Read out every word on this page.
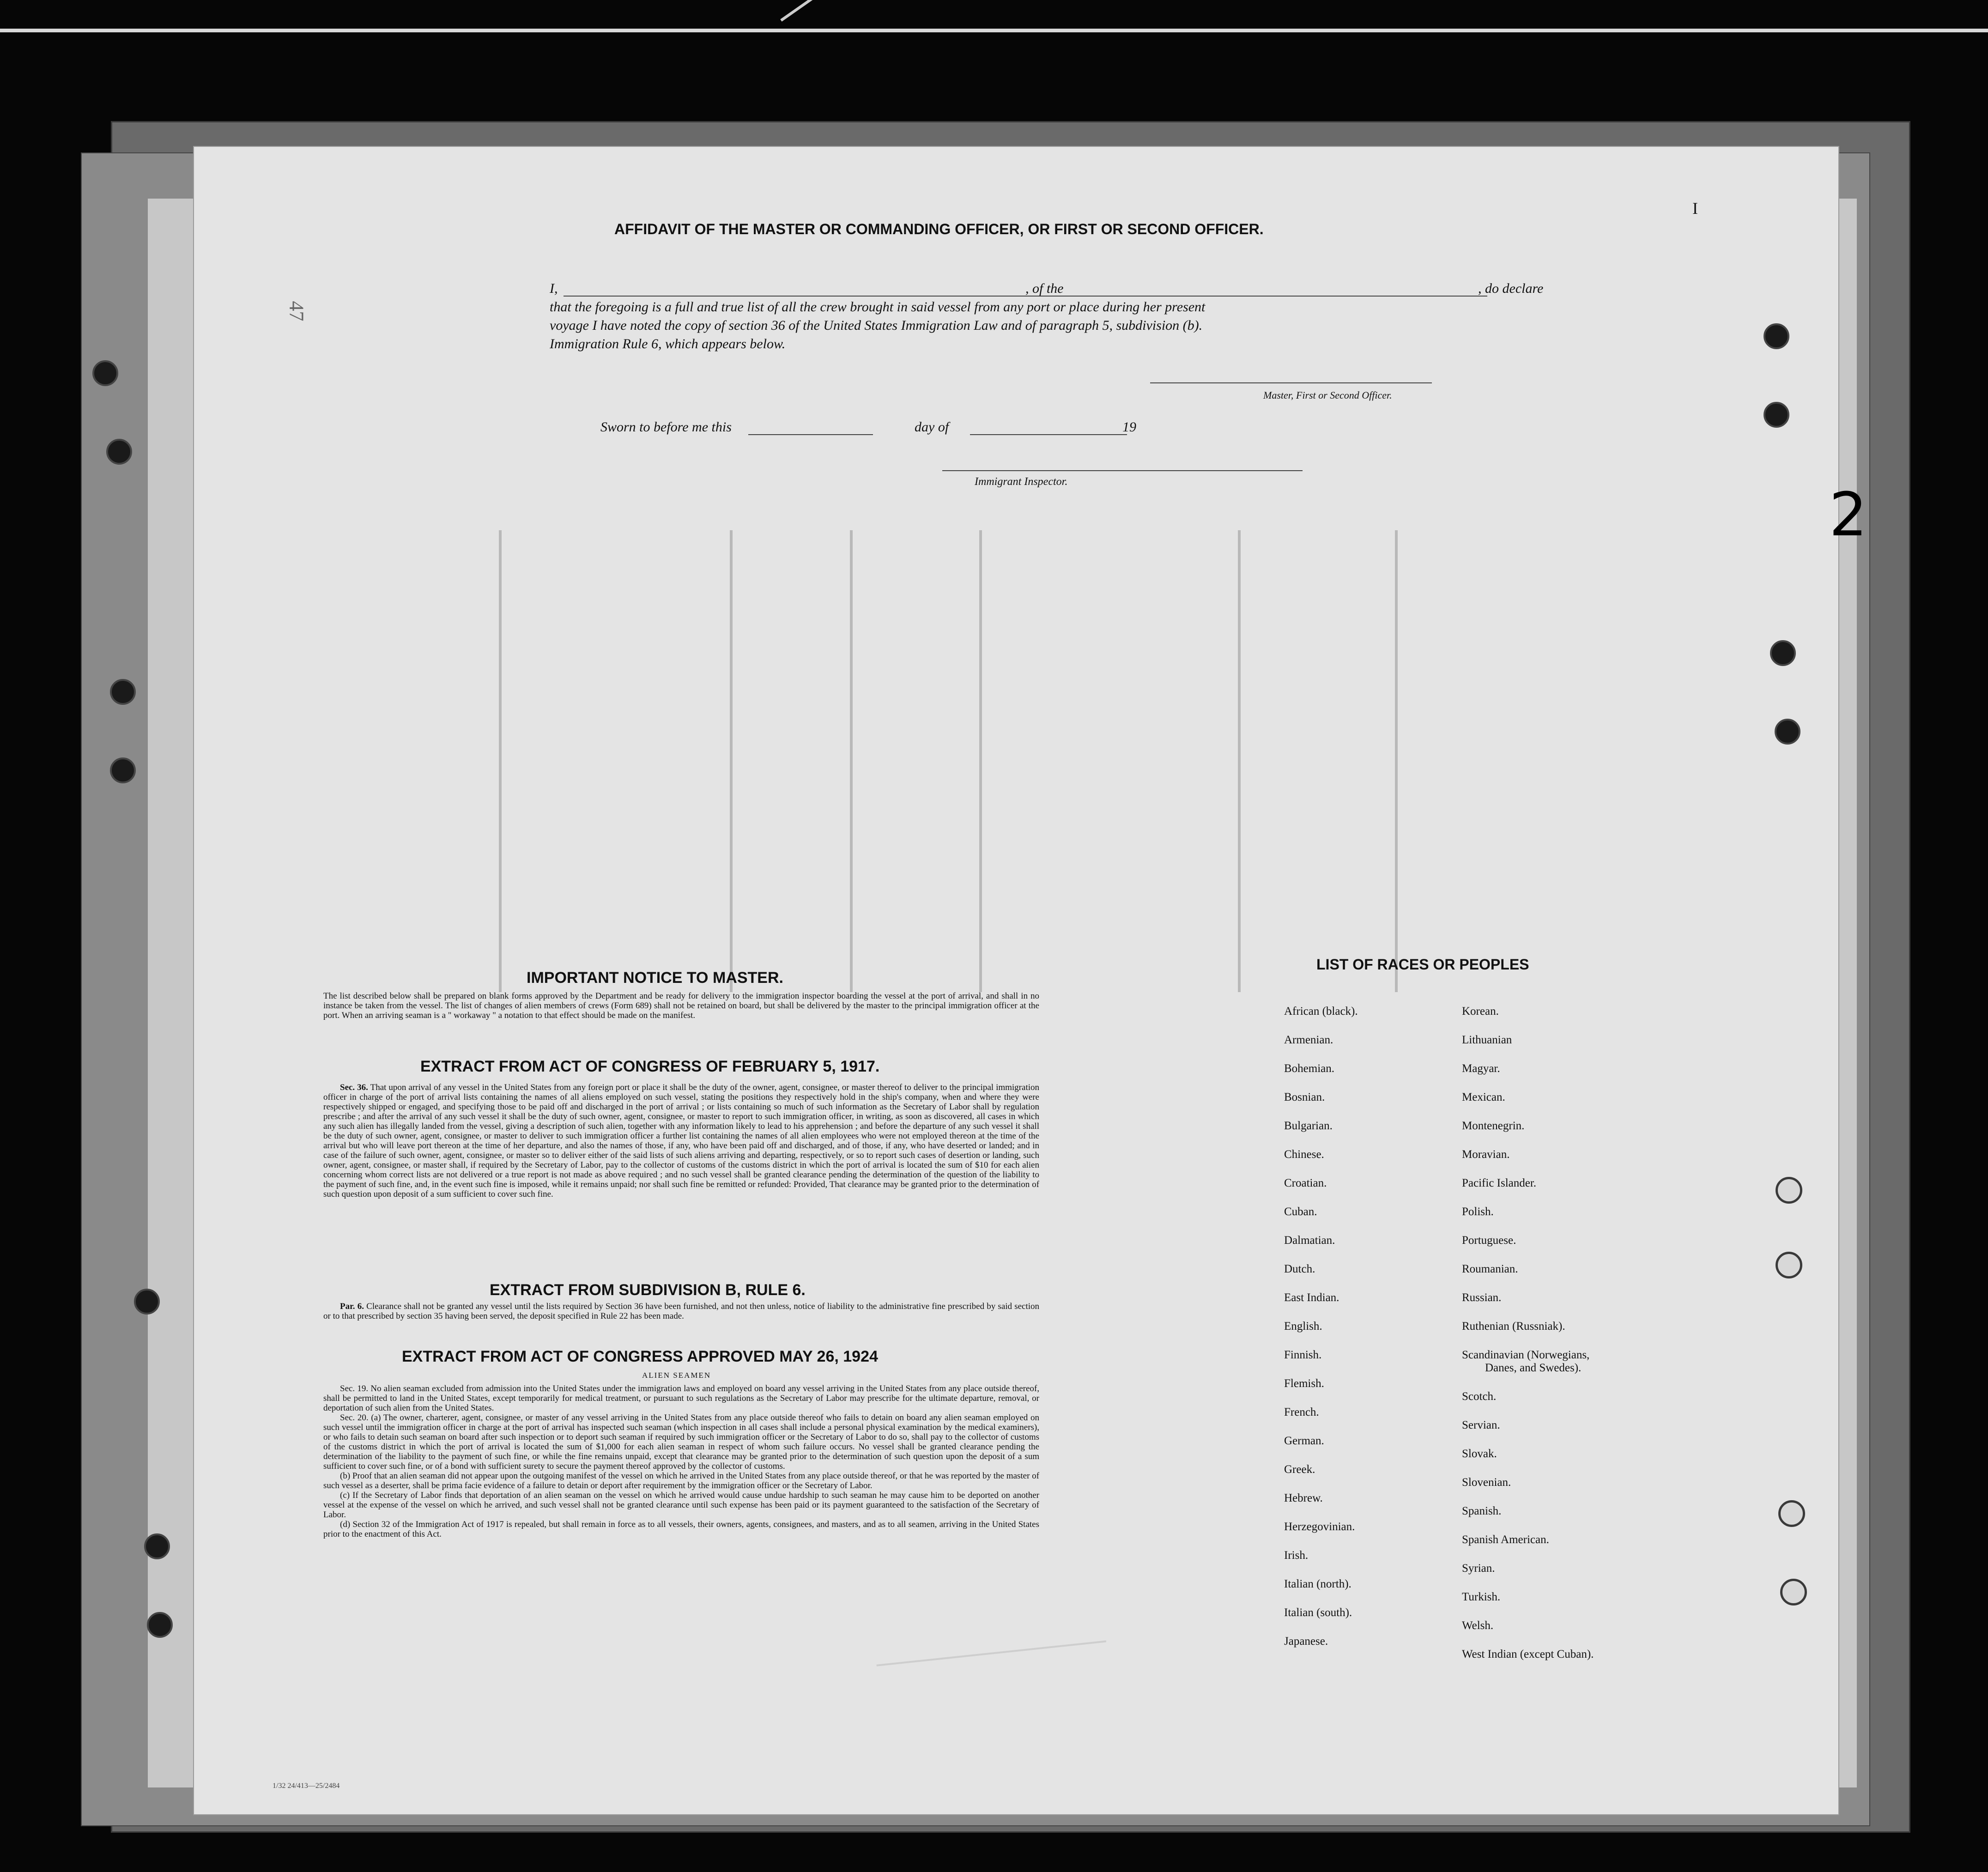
47
I
2
AFFIDAVIT OF THE MASTER OR COMMANDING OFFICER, OR FIRST OR SECOND OFFICER.
I,	, of the	, do declare
that the foregoing is a full and true list of all the crew brought in said vessel from any port or place during her present
voyage I have noted the copy of section 36 of the United States Immigration Law and of paragraph 5, subdivision (b).
Immigration Rule 6, which appears below.
Master, First or Second Officer.
Sworn to before me this	day of	19
Immigrant Inspector.
IMPORTANT NOTICE TO MASTER.
The list described below shall be prepared on blank forms approved by the Department and be ready for delivery to the immigration inspector boarding the vessel at the port of arrival, and shall in no instance be taken from the vessel. The list of changes of alien members of crews (Form 689) shall not be retained on board, but shall be delivered by the master to the principal immigration officer at the port. When an arriving seaman is a " workaway " a notation to that effect should be made on the manifest.
EXTRACT FROM ACT OF CONGRESS OF FEBRUARY 5, 1917.
Sec. 36. That upon arrival of any vessel in the United States from any foreign port or place it shall be the duty of the owner, agent, consignee, or master thereof to deliver to the principal immigration officer in charge of the port of arrival lists containing the names of all aliens employed on such vessel, stating the positions they respectively hold in the ship's company, when and where they were respectively shipped or engaged, and specifying those to be paid off and discharged in the port of arrival ; or lists containing so much of such information as the Secretary of Labor shall by regulation prescribe ; and after the arrival of any such vessel it shall be the duty of such owner, agent, consignee, or master to report to such immigration officer, in writing, as soon as discovered, all cases in which any such alien has illegally landed from the vessel, giving a description of such alien, together with any information likely to lead to his apprehension ; and before the departure of any such vessel it shall be the duty of such owner, agent, consignee, or master to deliver to such immigration officer a further list containing the names of all alien employees who were not employed thereon at the time of the arrival but who will leave port thereon at the time of her departure, and also the names of those, if any, who have been paid off and discharged, and of those, if any, who have deserted or landed; and in case of the failure of such owner, agent, consignee, or master so to deliver either of the said lists of such aliens arriving and departing, respectively, or so to report such cases of desertion or landing, such owner, agent, consignee, or master shall, if required by the Secretary of Labor, pay to the collector of customs of the customs district in which the port of arrival is located the sum of $10 for each alien concerning whom correct lists are not delivered or a true report is not made as above required ; and no such vessel shall be granted clearance pending the determination of the question of the liability to the payment of such fine, and, in the event such fine is imposed, while it remains unpaid; nor shall such fine be remitted or refunded: Provided, That clearance may be granted prior to the determination of such question upon deposit of a sum sufficient to cover such fine.
EXTRACT FROM SUBDIVISION B, RULE 6.
Par. 6. Clearance shall not be granted any vessel until the lists required by Section 36 have been furnished, and not then unless, notice of liability to the administrative fine prescribed by said section or to that prescribed by section 35 having been served, the deposit specified in Rule 22 has been made.
EXTRACT FROM ACT OF CONGRESS APPROVED MAY 26, 1924
ALIEN SEAMEN
Sec. 19. No alien seaman excluded from admission into the United States under the immigration laws and employed on board any vessel arriving in the United States from any place outside thereof, shall be permitted to land in the United States, except temporarily for medical treatment, or pursuant to such regulations as the Secretary of Labor may prescribe for the ultimate departure, removal, or deportation of such alien from the United States.
Sec. 20. (a) The owner, charterer, agent, consignee, or master of any vessel arriving in the United States from any place outside thereof who fails to detain on board any alien seaman employed on such vessel until the immigration officer in charge at the port of arrival has inspected such seaman (which inspection in all cases shall include a personal physical examination by the medical examiners), or who fails to detain such seaman on board after such inspection or to deport such seaman if required by such immigration officer or the Secretary of Labor to do so, shall pay to the collector of customs of the customs district in which the port of arrival is located the sum of $1,000 for each alien seaman in respect of whom such failure occurs. No vessel shall be granted clearance pending the determination of the liability to the payment of such fine, or while the fine remains unpaid, except that clearance may be granted prior to the determination of such question upon the deposit of a sum sufficient to cover such fine, or of a bond with sufficient surety to secure the payment thereof approved by the collector of customs.
(b) Proof that an alien seaman did not appear upon the outgoing manifest of the vessel on which he arrived in the United States from any place outside thereof, or that he was reported by the master of such vessel as a deserter, shall be prima facie evidence of a failure to detain or deport after requirement by the immigration officer or the Secretary of Labor.
(c) If the Secretary of Labor finds that deportation of an alien seaman on the vessel on which he arrived would cause undue hardship to such seaman he may cause him to be deported on another vessel at the expense of the vessel on which he arrived, and such vessel shall not be granted clearance until such expense has been paid or its payment guaranteed to the satisfaction of the Secretary of Labor.
(d) Section 32 of the Immigration Act of 1917 is repealed, but shall remain in force as to all vessels, their owners, agents, consignees, and masters, and as to all seamen, arriving in the United States prior to the enactment of this Act.
LIST OF RACES OR PEOPLES
African (black).
Armenian.
Bohemian.
Bosnian.
Bulgarian.
Chinese.
Croatian.
Cuban.
Dalmatian.
Dutch.
East Indian.
English.
Finnish.
Flemish.
French.
German.
Greek.
Hebrew.
Herzegovinian.
Irish.
Italian (north).
Italian (south).
Japanese.
Korean.
Lithuanian
Magyar.
Mexican.
Montenegrin.
Moravian.
Pacific Islander.
Polish.
Portuguese.
Roumanian.
Russian.
Ruthenian (Russniak).
Scandinavian (Norwegians,
Danes, and Swedes).
Scotch.
Servian.
Slovak.
Slovenian.
Spanish.
Spanish American.
Syrian.
Turkish.
Welsh.
West Indian (except Cuban).
1/32 24/413—25/2484
